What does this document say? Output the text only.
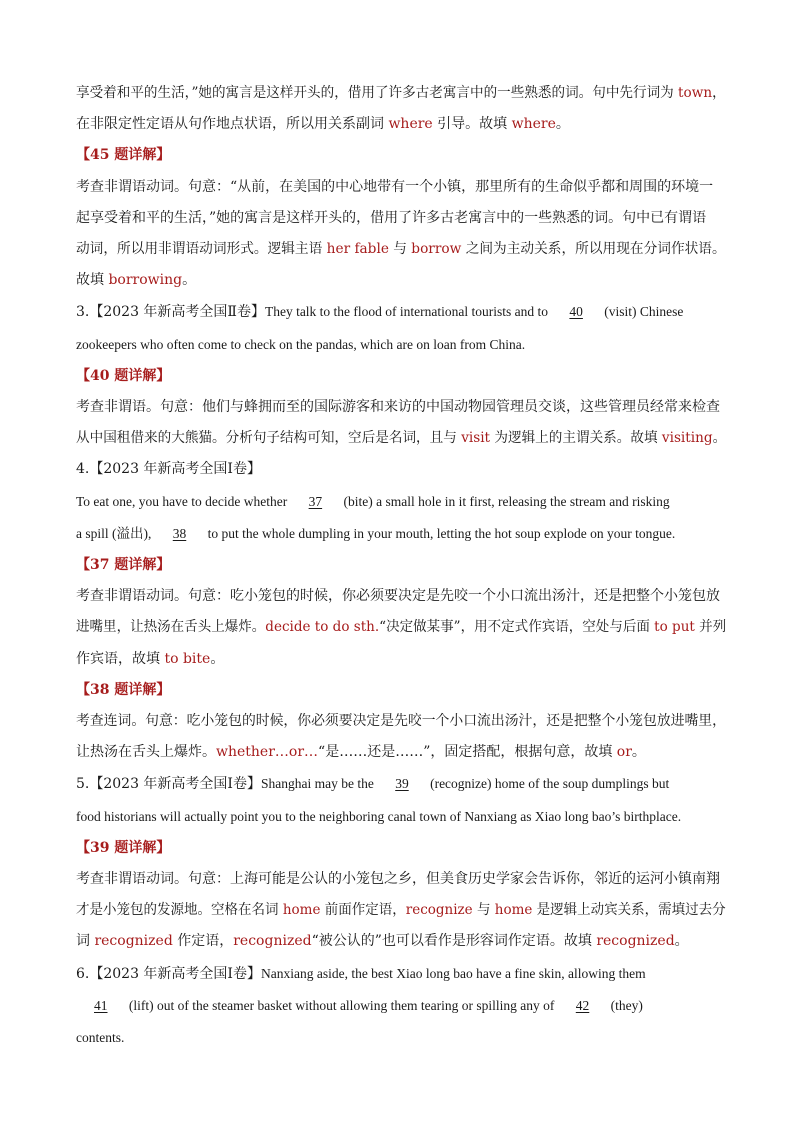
享受着和平的生活，”她的寓言是这样开头的，借用了许多古老寓言中的一些熟悉的词。句中先行词为 town，
在非限定性定语从句作地点状语，所以用关系副词 where 引导。故填 where。
【45 题详解】
考查非谓语动词。句意：“从前，在美国的中心地带有一个小镇，那里所有的生命似乎都和周围的环境一
起享受着和平的生活，”她的寓言是这样开头的，借用了许多古老寓言中的一些熟悉的词。句中已有谓语
动词，所以用非谓语动词形式。逻辑主语 her fable 与 borrow 之间为主动关系，所以用现在分词作状语。
故填 borrowing。
3.【2023 年新高考全国Ⅱ卷】They talk to the flood of international tourists and to 40 (visit) Chinese
zookeepers who often come to check on the pandas, which are on loan from China.
【40 题详解】
考查非谓语。句意：他们与蜂拥而至的国际游客和来访的中国动物园管理员交谈，这些管理员经常来检查
从中国租借来的大熊猫。分析句子结构可知，空后是名词，且与 visit 为逻辑上的主谓关系。故填 visiting。
4.【2023 年新高考全国Ⅰ卷】
To eat one, you have to decide whether 37 (bite) a small hole in it first, releasing the stream and risking
a spill (溢出), 38 to put the whole dumpling in your mouth, letting the hot soup explode on your tongue.
【37 题详解】
考查非谓语动词。句意：吃小笼包的时候，你必须要决定是先咬一个小口流出汤汁，还是把整个小笼包放
进嘴里，让热汤在舌头上爆炸。decide to do sth.“决定做某事”，用不定式作宾语，空处与后面 to put 并列
作宾语，故填 to bite。
【38 题详解】
考查连词。句意：吃小笼包的时候，你必须要决定是先咬一个小口流出汤汁，还是把整个小笼包放进嘴里，
让热汤在舌头上爆炸。whether…or…“是……还是……”，固定搭配，根据句意，故填 or。
5.【2023 年新高考全国Ⅰ卷】Shanghai may be the 39 (recognize) home of the soup dumplings but
food historians will actually point you to the neighboring canal town of Nanxiang as Xiao long bao’s birthplace.
【39 题详解】
考查非谓语动词。句意：上海可能是公认的小笼包之乡，但美食历史学家会告诉你，邻近的运河小镇南翔
才是小笼包的发源地。空格在名词 home 前面作定语，recognize 与 home 是逻辑上动宾关系，需填过去分
词 recognized 作定语，recognized“被公认的”也可以看作是形容词作定语。故填 recognized。
6.【2023 年新高考全国Ⅰ卷】Nanxiang aside, the best Xiao long bao have a fine skin, allowing them
41 (lift) out of the steamer basket without allowing them tearing or spilling any of 42 (they)
contents.
